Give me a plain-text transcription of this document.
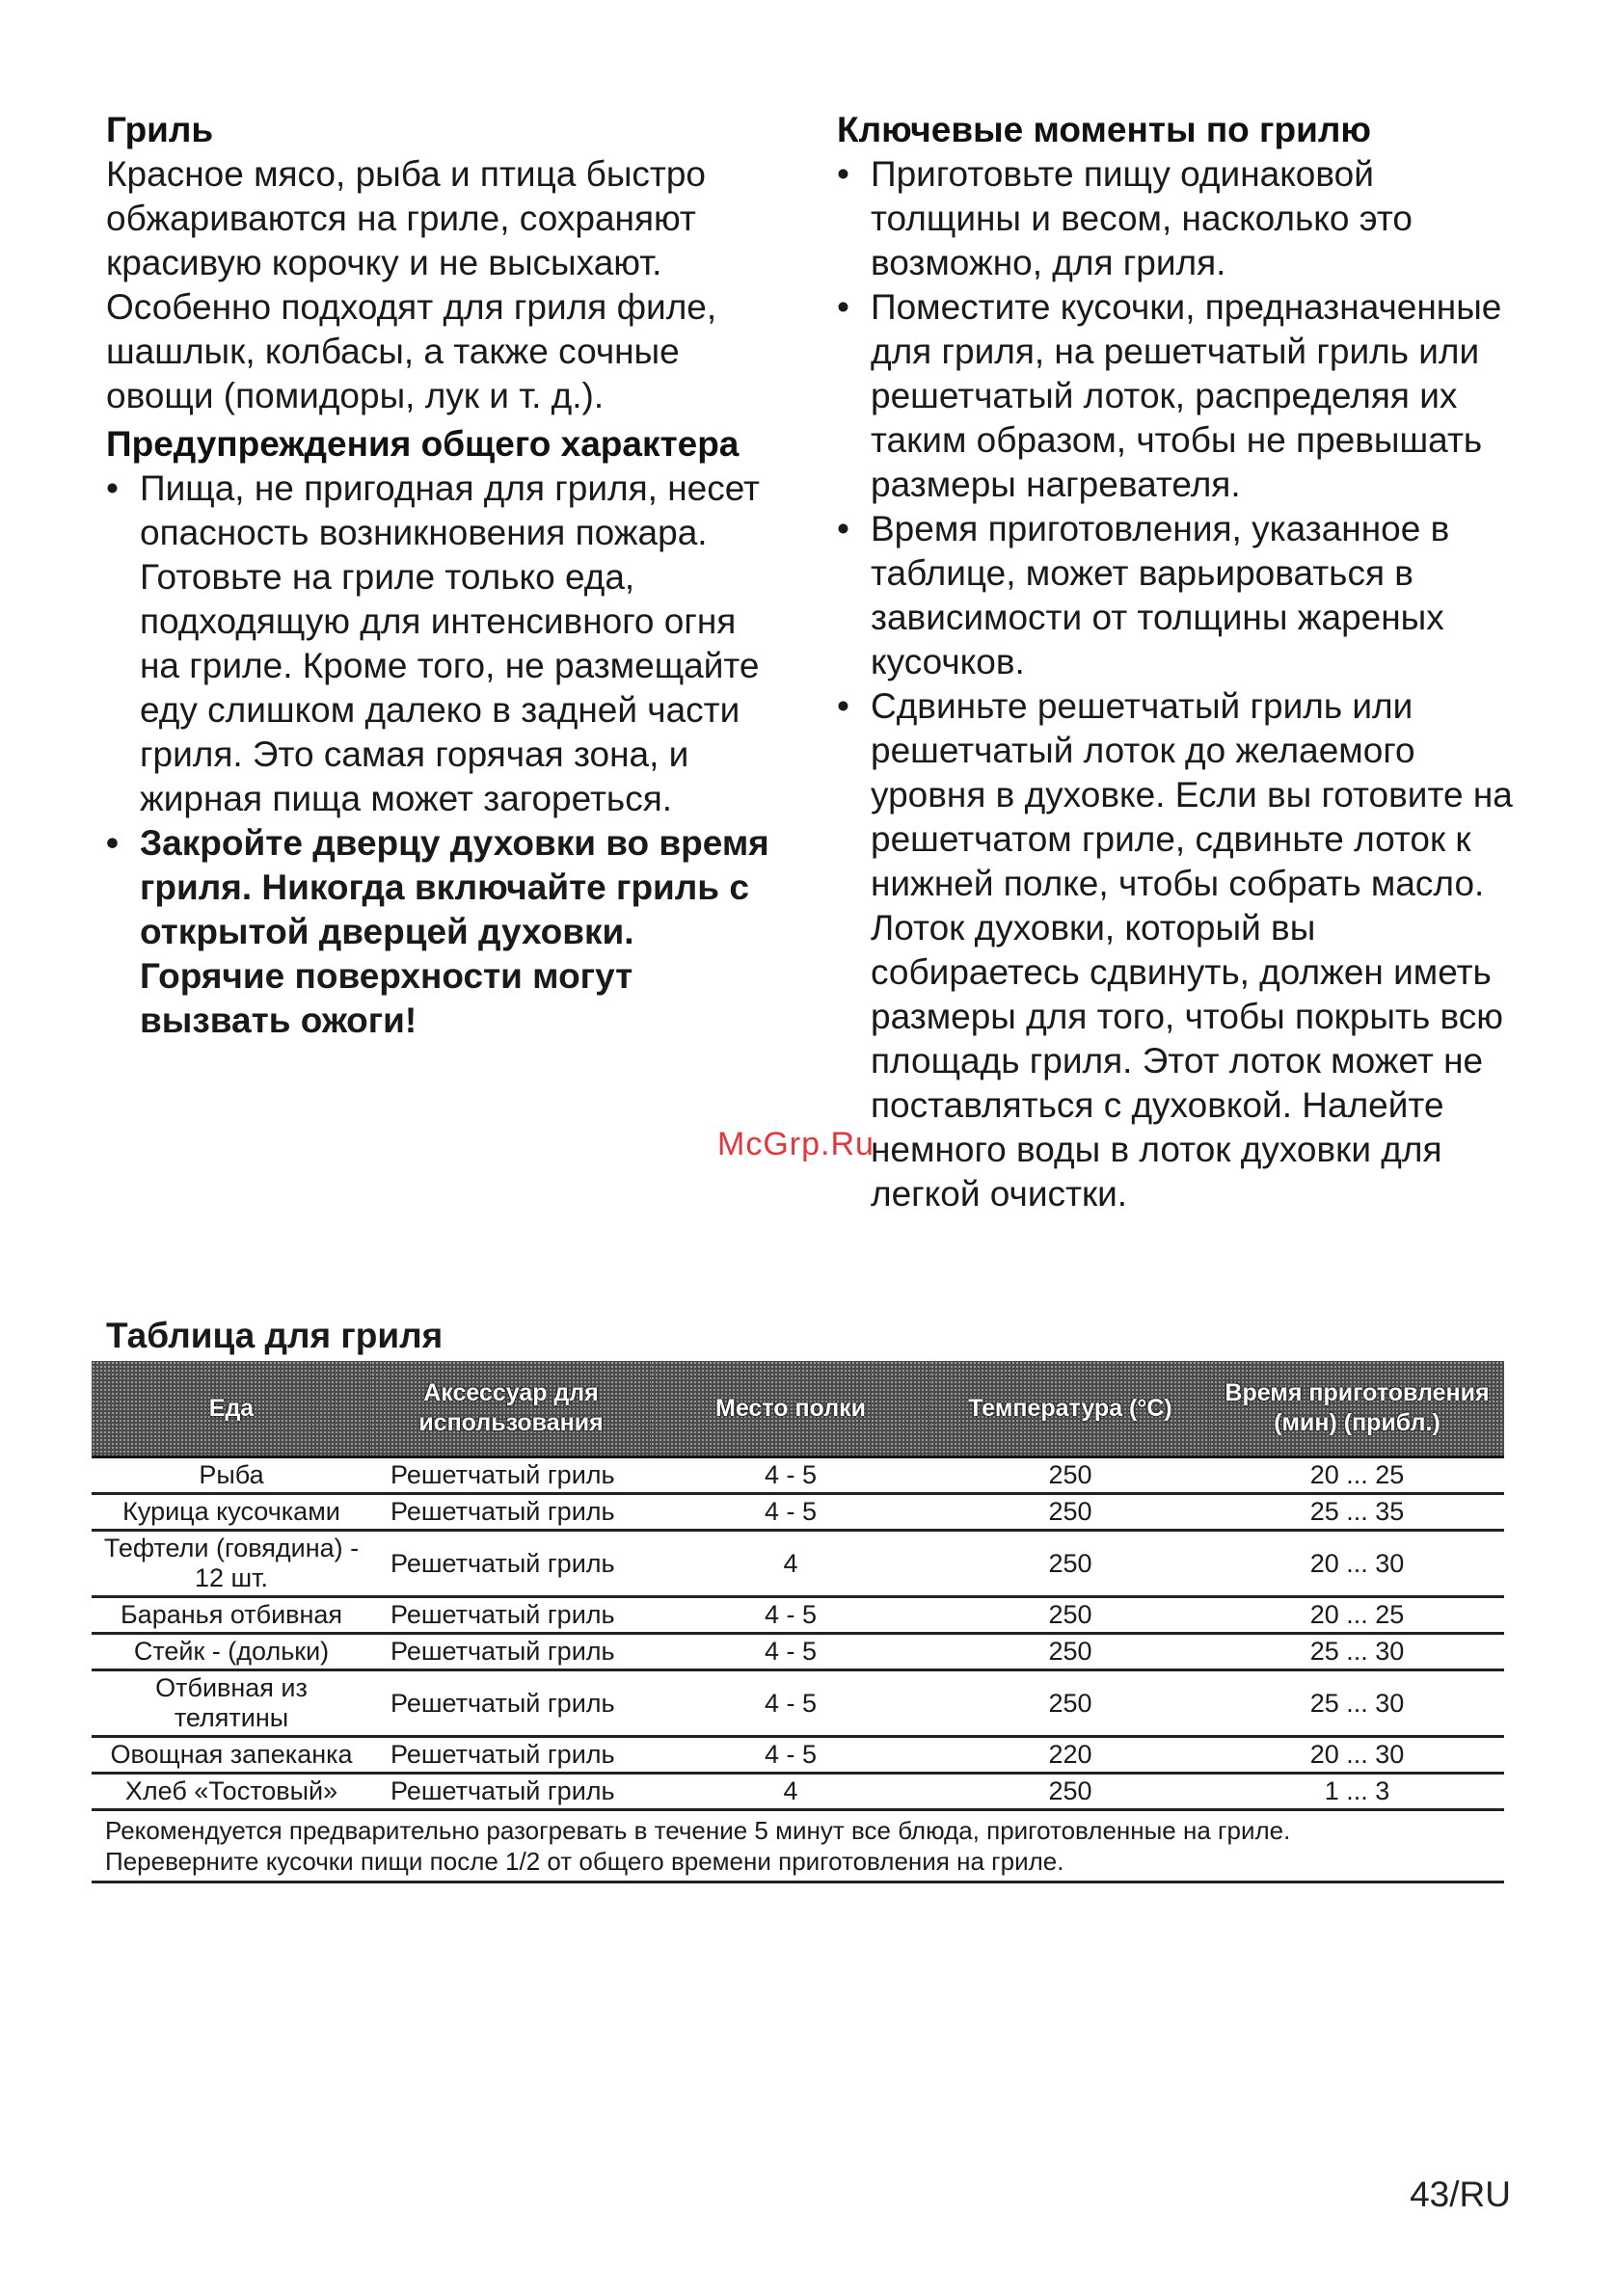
Гриль

Красное мясо, рыба и птица быстро обжариваются на гриле, сохраняют красивую корочку и не высыхают. Особенно подходят для гриля филе, шашлык, колбасы, а также сочные овощи (помидоры, лук и т. д.).

Предупреждения общего характера
• Пища, не пригодная для гриля, несет опасность возникновения пожара. Готовьте на гриле только еда, подходящую для интенсивного огня на гриле. Кроме того, не размещайте еду слишком далеко в задней части гриля. Это самая горячая зона, и жирная пища может загореться.
• Закройте дверцу духовки во время гриля. Никогда включайте гриль с открытой дверцей духовки. Горячие поверхности могут вызвать ожоги!
Ключевые моменты по грилю
• Приготовьте пищу одинаковой толщины и весом, насколько это возможно, для гриля.
• Поместите кусочки, предназначенные для гриля, на решетчатый гриль или решетчатый лоток, распределяя их таким образом, чтобы не превышать размеры нагревателя.
• Время приготовления, указанное в таблице, может варьироваться в зависимости от толщины жареных кусочков.
• Сдвиньте решетчатый гриль или решетчатый лоток до желаемого уровня в духовке. Если вы готовите на решетчатом гриле, сдвиньте лоток к нижней полке, чтобы собрать масло. Лоток духовки, который вы собираетесь сдвинуть, должен иметь размеры для того, чтобы покрыть всю площадь гриля. Этот лоток может не поставляться с духовкой. Налейте немного воды в лоток духовки для легкой очистки.
McGrp.Ru
Таблица для гриля
Еда	Аксессуар для использования	Место полки	Температура (°C)	Время приготовления (мин) (прибл.)
Рыба	Решетчатый гриль	4 - 5	250	20 ... 25
Курица кусочками	Решетчатый гриль	4 - 5	250	25 ... 35
Тефтели (говядина) - 12 шт.	Решетчатый гриль	4	250	20 ... 30
Баранья отбивная	Решетчатый гриль	4 - 5	250	20 ... 25
Стейк - (дольки)	Решетчатый гриль	4 - 5	250	25 ... 30
Отбивная из телятины	Решетчатый гриль	4 - 5	250	25 ... 30
Овощная запеканка	Решетчатый гриль	4 - 5	220	20 ... 30
Хлеб «Тостовый»	Решетчатый гриль	4	250	1 ... 3

Рекомендуется предварительно разогревать в течение 5 минут все блюда, приготовленные на гриле.
Переверните кусочки пищи после 1/2 от общего времени приготовления на гриле.				
43/RU
